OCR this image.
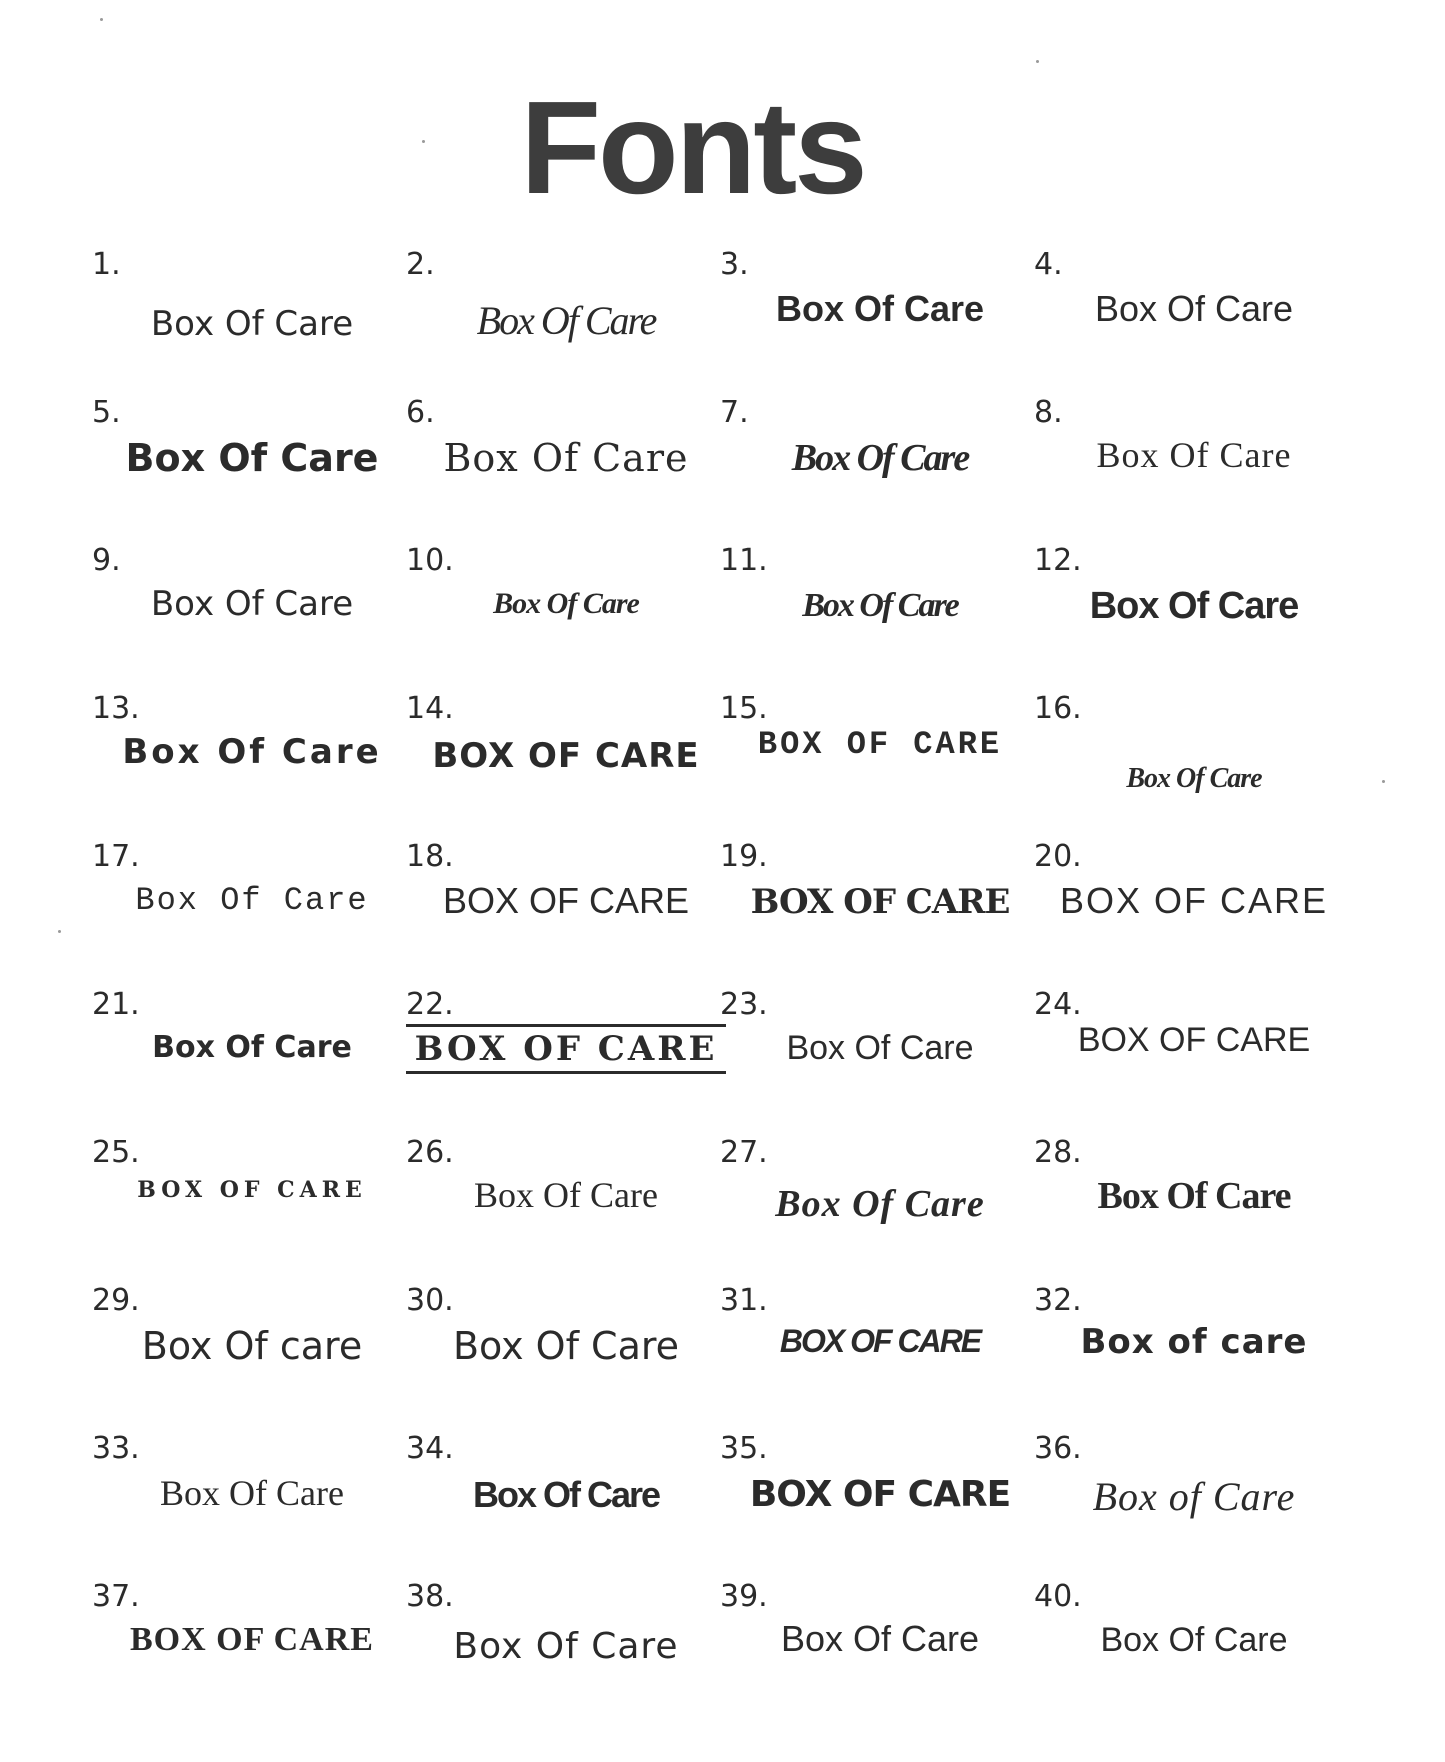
Fonts
1.
Box Of Care
2.
Box Of Care
3.
Box Of Care
4.
Box Of Care
5.
Box Of Care
6.
Box Of Care
7.
Box Of Care
8.
Box Of Care
9.
Box Of Care
10.
Box Of Care
11.
Box Of Care
12.
Box Of Care
13.
Box Of Care
14.
BOX OF CARE
15.
BOX OF CARE
16.
Box Of Care
17.
Box Of Care
18.
BOX OF CARE
19.
BOX OF CARE
20.
BOX OF CARE
21.
Box Of Care
22.
BOX OF CARE
23.
Box Of Care
24.
BOX OF CARE
25.
BOX OF CARE
26.
Box Of Care
27.
Box Of Care
28.
Box Of Care
29.
Box Of care
30.
Box Of Care
31.
BOX OF CARE
32.
Box of care
33.
Box Of Care
34.
Box Of Care
35.
BOX OF CARE
36.
Box of Care
37.
BOX OF CARE
38.
Box Of Care
39.
Box Of Care
40.
Box Of Care
